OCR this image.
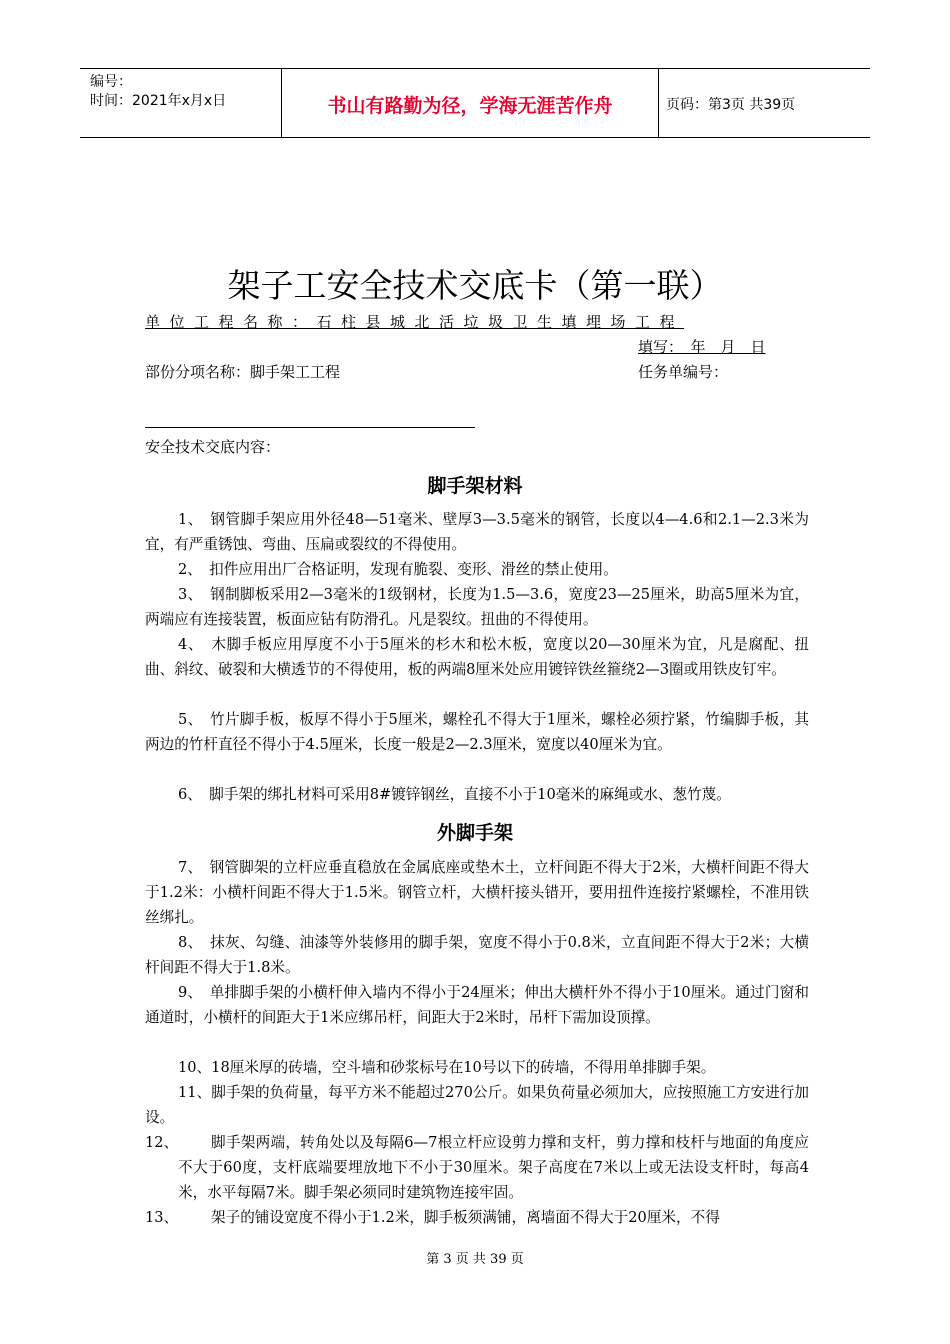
编号：
时间：2021年x月x日	书山有路勤为径，学海无涯苦作舟	页码：第3页 共39页
架子工安全技术交底卡（第一联）
单位工程名称：石柱县城北活垃圾卫生填埋场工程
填写：　年　月　日
部份分项名称：脚手架工工程	任务单编号：
安全技术交底内容：
脚手架材料

1、　钢管脚手架应用外径48—51毫米、壁厚3—3.5毫米的钢管，长度以4—4.6和2.1—2.3米为宜，有严重锈蚀、弯曲、压扁或裂纹的不得使用。

2、　扣件应用出厂合格证明，发现有脆裂、变形、滑丝的禁止使用。

3、　钢制脚板采用2—3毫米的1级钢材，长度为1.5—3.6，宽度23—25厘米，助高5厘米为宜，两端应有连接装置，板面应钻有防滑孔。凡是裂纹。扭曲的不得使用。

4、　木脚手板应用厚度不小于5厘米的杉木和松木板，宽度以20—30厘米为宜，凡是腐配、扭曲、斜纹、破裂和大横透节的不得使用，板的两端8厘米处应用镀锌铁丝箍绕2—3圈或用铁皮钉牢。

5、　竹片脚手板，板厚不得小于5厘米，螺栓孔不得大于1厘米，螺栓必须拧紧，竹编脚手板，其两边的竹杆直径不得小于4.5厘米，长度一般是2—2.3厘米，宽度以40厘米为宜。

6、　脚手架的绑扎材料可采用8#镀锌钢丝，直接不小于10毫米的麻绳或水、葱竹蔑。

外脚手架

7、　钢管脚架的立杆应垂直稳放在金属底座或垫木土，立杆间距不得大于2米，大横杆间距不得大于1.2米：小横杆间距不得大于1.5米。钢管立杆，大横杆接头错开，要用扭件连接拧紧螺栓，不准用铁丝绑扎。

8、　抹灰、勾缝、油漆等外装修用的脚手架，宽度不得小于0.8米，立直间距不得大于2米；大横杆间距不得大于1.8米。

9、　单排脚手架的小横杆伸入墙内不得小于24厘米；伸出大横杆外不得小于10厘米。通过门窗和通道时，小横杆的间距大于1米应绑吊杆，间距大于2米时，吊杆下需加设顶撑。

10、18厘米厚的砖墙，空斗墙和砂浆标号在10号以下的砖墙，不得用单排脚手架。

11、脚手架的负荷量，每平方米不能超过270公斤。如果负荷量必须加大，应按照施工方安进行加设。

12、	脚手架两端，转角处以及每隔6—7根立杆应设剪力撑和支杆，剪力撑和枝杆与地面的角度应不大于60度，支杆底端要埋放地下不小于30厘米。架子高度在7米以上或无法设支杆时，每高4米，水平每隔7米。脚手架必须同时建筑物连接牢固。
13、	架子的铺设宽度不得小于1.2米，脚手板须满铺，离墙面不得大于20厘米，不得
第 3 页 共 39 页
